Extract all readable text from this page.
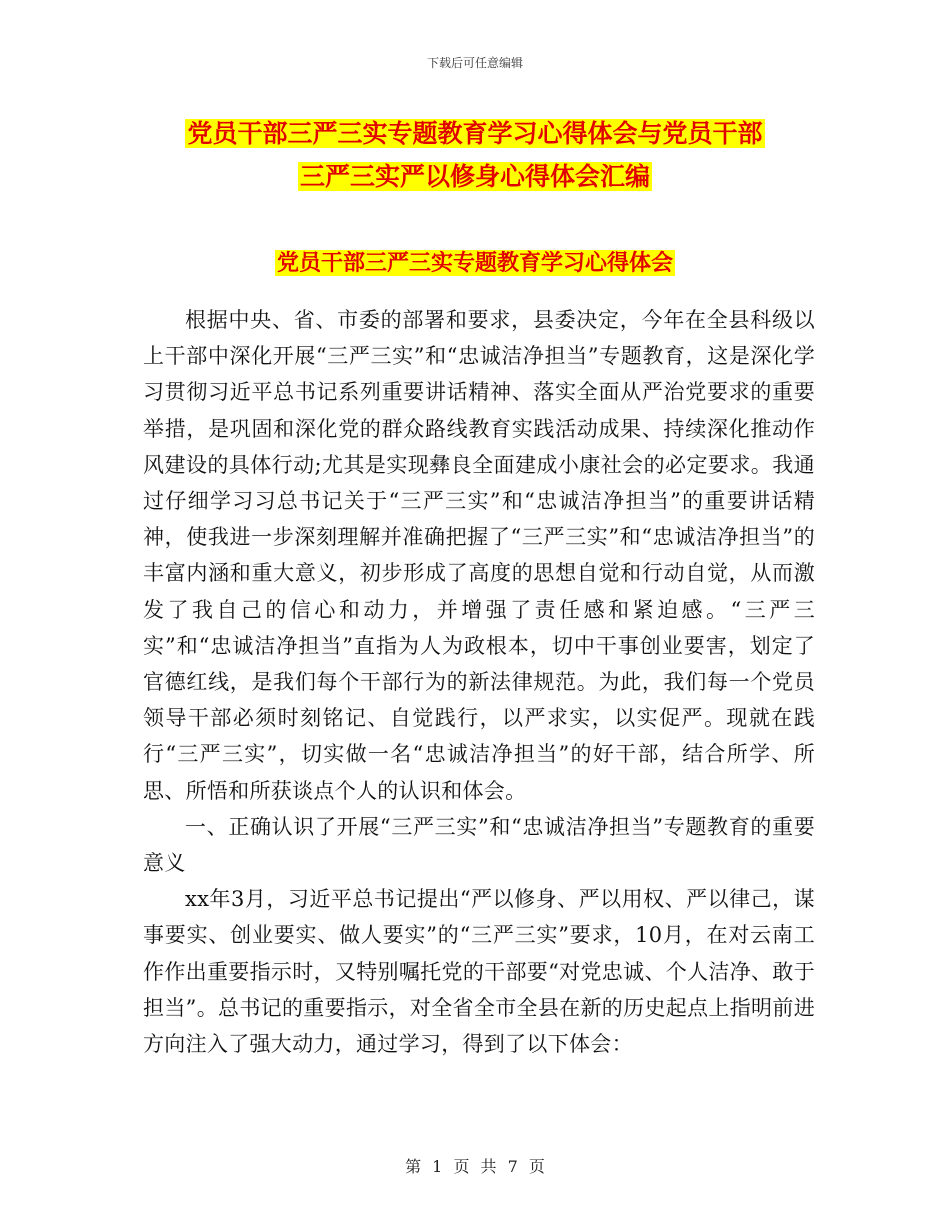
下载后可任意编辑
党员干部三严三实专题教育学习心得体会与党员干部
三严三实严以修身心得体会汇编
党员干部三严三实专题教育学习心得体会

根据中央、省、市委的部署和要求，县委决定，今年在全县科级以上干部中深化开展“三严三实”和“忠诚洁净担当”专题教育，这是深化学习贯彻习近平总书记系列重要讲话精神、落实全面从严治党要求的重要举措，是巩固和深化党的群众路线教育实践活动成果、持续深化推动作风建设的具体行动;尤其是实现彝良全面建成小康社会的必定要求。我通过仔细学习习总书记关于“三严三实”和“忠诚洁净担当”的重要讲话精神，使我进一步深刻理解并准确把握了“三严三实”和“忠诚洁净担当”的丰富内涵和重大意义，初步形成了高度的思想自觉和行动自觉，从而激发了我自己的信心和动力，并增强了责任感和紧迫感。“三严三实”和“忠诚洁净担当”直指为人为政根本，切中干事创业要害，划定了官德红线，是我们每个干部行为的新法律规范。为此，我们每一个党员领导干部必须时刻铭记、自觉践行，以严求实，以实促严。现就在践行“三严三实”，切实做一名“忠诚洁净担当”的好干部，结合所学、所思、所悟和所获谈点个人的认识和体会。

一、正确认识了开展“三严三实”和“忠诚洁净担当”专题教育的重要意义

xx年3月，习近平总书记提出“严以修身、严以用权、严以律己，谋事要实、创业要实、做人要实”的“三严三实”要求，10月，在对云南工作作出重要指示时，又特别嘱托党的干部要“对党忠诚、个人洁净、敢于担当”。总书记的重要指示，对全省全市全县在新的历史起点上指明前进方向注入了强大动力，通过学习，得到了以下体会：

第 1 页 共 7 页
